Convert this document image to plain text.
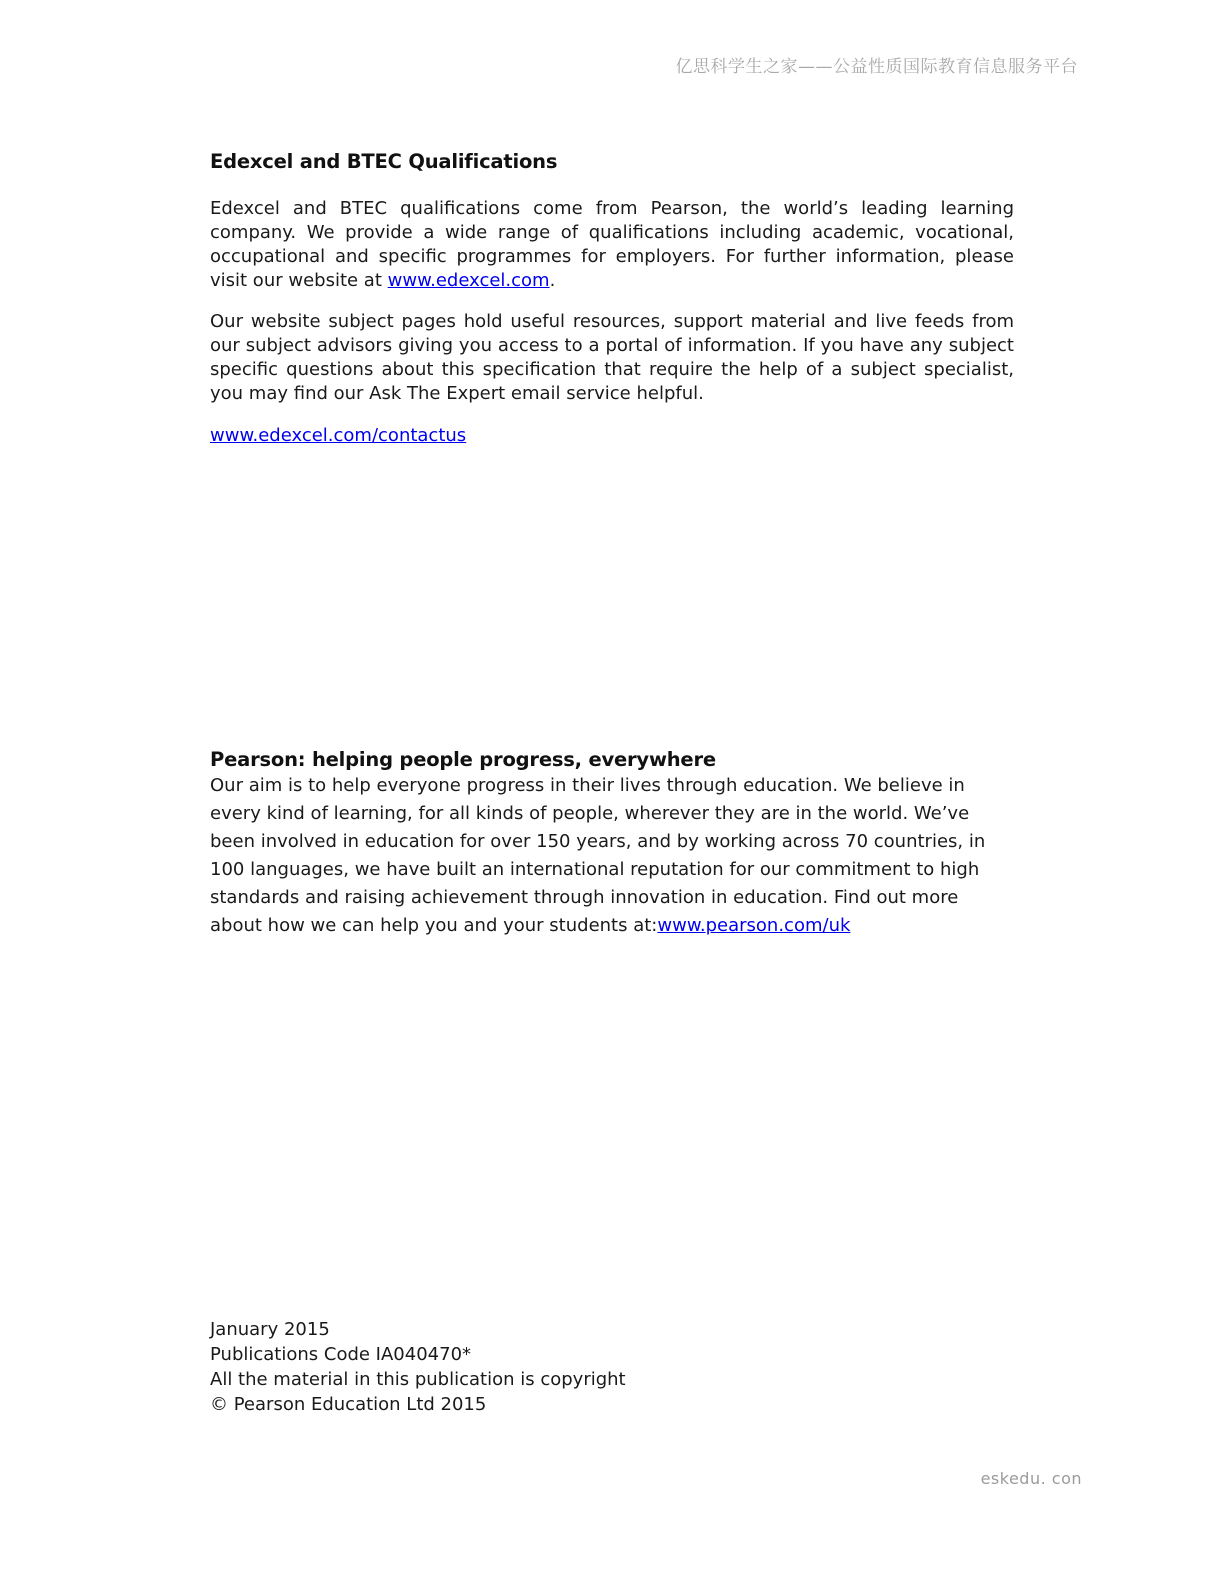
亿思科学生之家——公益性质国际教育信息服务平台
Edexcel and BTEC Qualifications

Edexcel and BTEC qualifications come from Pearson, the world’s leading learning company. We provide a wide range of qualifications including academic, vocational, occupational and specific programmes for employers. For further information, please visit our website at www.edexcel.com.

Our website subject pages hold useful resources, support material and live feeds from our subject advisors giving you access to a portal of information. If you have any subject specific questions about this specification that require the help of a subject specialist, you may find our Ask The Expert email service helpful.

www.edexcel.com/contactus

Pearson: helping people progress, everywhere

Our aim is to help everyone progress in their lives through education. We believe in every kind of learning, for all kinds of people, wherever they are in the world. We’ve been involved in education for over 150 years, and by working across 70 countries, in 100 languages, we have built an international reputation for our commitment to high standards and raising achievement through innovation in education. Find out more about how we can help you and your students at:www.pearson.com/uk

January 2015
Publications Code IA040470*
All the material in this publication is copyright
© Pearson Education Ltd 2015
eskedu. con
